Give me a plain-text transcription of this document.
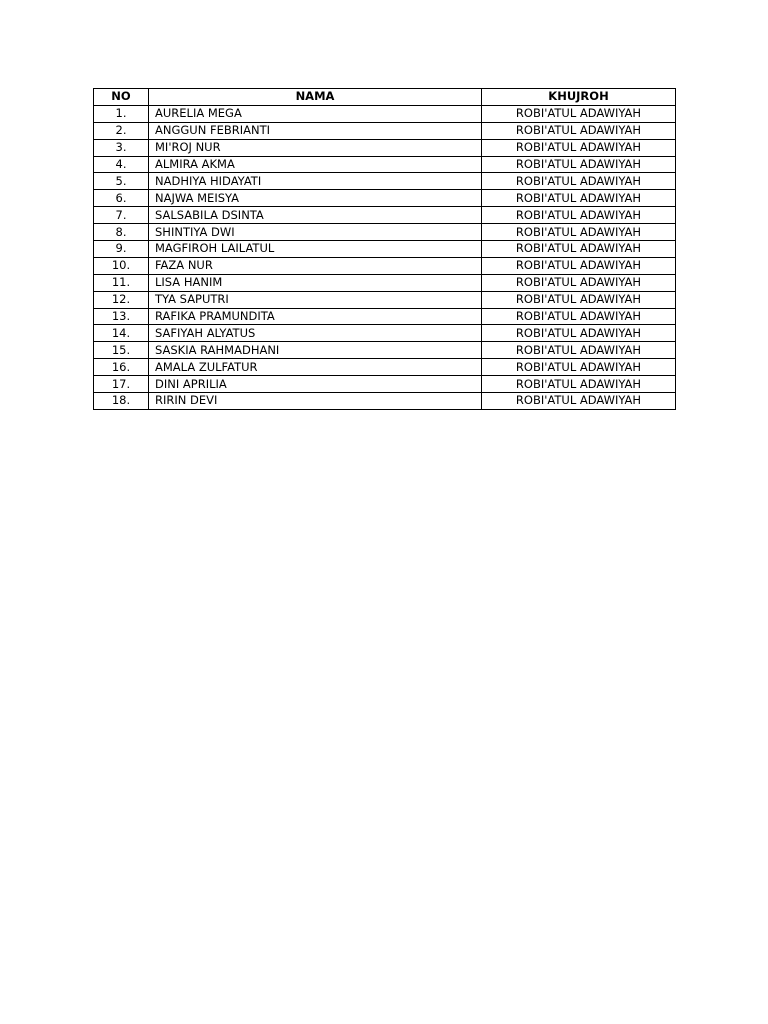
NO	NAMA	KHUJROH
1.	AURELIA MEGA	ROBI'ATUL ADAWIYAH
2.	ANGGUN FEBRIANTI	ROBI'ATUL ADAWIYAH
3.	MI'ROJ NUR	ROBI'ATUL ADAWIYAH
4.	ALMIRA AKMA	ROBI'ATUL ADAWIYAH
5.	NADHIYA HIDAYATI	ROBI'ATUL ADAWIYAH
6.	NAJWA MEISYA	ROBI'ATUL ADAWIYAH
7.	SALSABILA DSINTA	ROBI'ATUL ADAWIYAH
8.	SHINTIYA DWI	ROBI'ATUL ADAWIYAH
9.	MAGFIROH LAILATUL	ROBI'ATUL ADAWIYAH
10.	FAZA NUR	ROBI'ATUL ADAWIYAH
11.	LISA HANIM	ROBI'ATUL ADAWIYAH
12.	TYA SAPUTRI	ROBI'ATUL ADAWIYAH
13.	RAFIKA PRAMUNDITA	ROBI'ATUL ADAWIYAH
14.	SAFIYAH ALYATUS	ROBI'ATUL ADAWIYAH
15.	SASKIA RAHMADHANI	ROBI'ATUL ADAWIYAH
16.	AMALA ZULFATUR	ROBI'ATUL ADAWIYAH
17.	DINI APRILIA	ROBI'ATUL ADAWIYAH
18.	RIRIN DEVI	ROBI'ATUL ADAWIYAH
